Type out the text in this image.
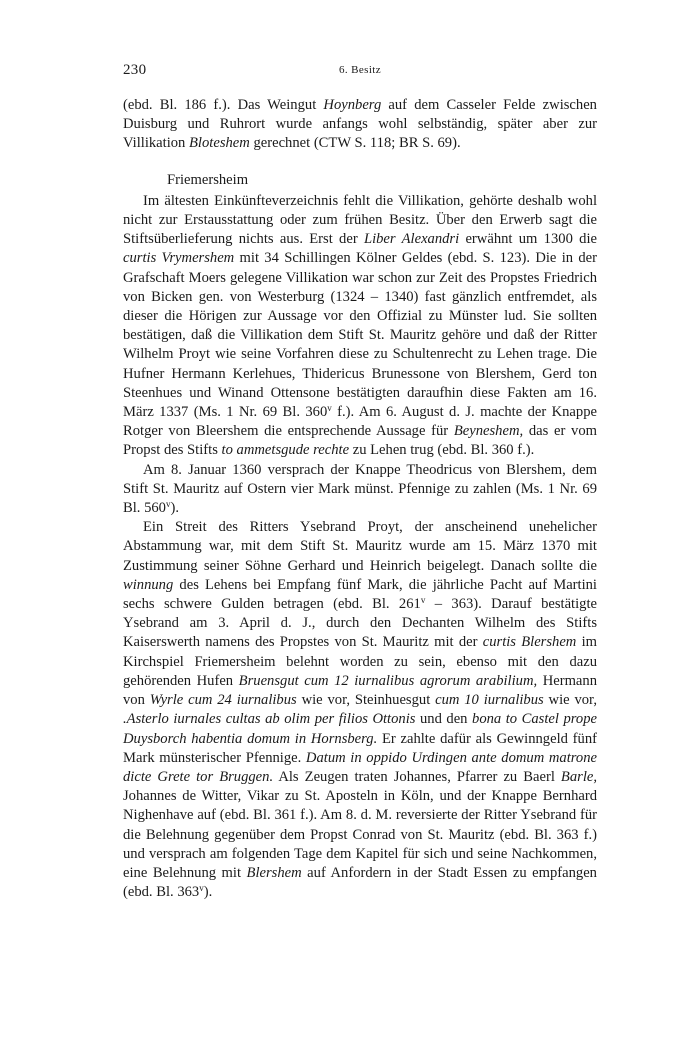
230	6. Besitz

(ebd. Bl. 186 f.). Das Weingut Hoynberg auf dem Casseler Felde zwischen Duisburg und Ruhrort wurde anfangs wohl selbständig, später aber zur Villikation Bloteshem gerechnet (CTW S. 118; BR S. 69).

Friemersheim

Im ältesten Einkünfteverzeichnis fehlt die Villikation, gehörte deshalb wohl nicht zur Erstausstattung oder zum frühen Besitz. Über den Erwerb sagt die Stiftsüberlieferung nichts aus. Erst der Liber Alexandri erwähnt um 1300 die curtis Vrymershem mit 34 Schillingen Kölner Geldes (ebd. S. 123). Die in der Grafschaft Moers gelegene Villikation war schon zur Zeit des Propstes Friedrich von Bicken gen. von Westerburg (1324 – 1340) fast gänzlich entfremdet, als dieser die Hörigen zur Aussage vor den Offizial zu Münster lud. Sie sollten bestätigen, daß die Villikation dem Stift St. Mauritz gehöre und daß der Ritter Wilhelm Proyt wie seine Vorfahren diese zu Schultenrecht zu Lehen trage. Die Hufner Hermann Kerlehues, Thidericus Brunessone von Blershem, Gerd ton Steenhues und Winand Ottensone bestätigten daraufhin diese Fakten am 16. März 1337 (Ms. 1 Nr. 69 Bl. 360$^v$ f.). Am 6. August d. J. machte der Knappe Rotger von Bleershem die entsprechende Aussage für Beyneshem, das er vom Propst des Stifts to ammetsgude rechte zu Lehen trug (ebd. Bl. 360 f.).

Am 8. Januar 1360 versprach der Knappe Theodricus von Blershem, dem Stift St. Mauritz auf Ostern vier Mark münst. Pfennige zu zahlen (Ms. 1 Nr. 69 Bl. 560$^v$).

Ein Streit des Ritters Ysebrand Proyt, der anscheinend unehelicher Abstammung war, mit dem Stift St. Mauritz wurde am 15. März 1370 mit Zustimmung seiner Söhne Gerhard und Heinrich beigelegt. Danach sollte die winnung des Lehens bei Empfang fünf Mark, die jährliche Pacht auf Martini sechs schwere Gulden betragen (ebd. Bl. 261$^v$ – 363). Darauf bestätigte Ysebrand am 3. April d. J., durch den Dechanten Wilhelm des Stifts Kaiserswerth namens des Propstes von St. Mauritz mit der curtis Blershem im Kirchspiel Friemersheim belehnt worden zu sein, ebenso mit den dazu gehörenden Hufen Bruensgut cum 12 iurnalibus agrorum arabilium, Hermann von Wyrle cum 24 iurnalibus wie vor, Steinhuesgut cum 10 iurnalibus wie vor, .Asterlo iurnales cultas ab olim per filios Ottonis und den bona to Castel prope Duysborch habentia domum in Hornsberg. Er zahlte dafür als Gewinngeld fünf Mark münsterischer Pfennige. Datum in oppido Urdingen ante domum matrone dicte Grete tor Bruggen. Als Zeugen traten Johannes, Pfarrer zu Baerl Barle, Johannes de Witter, Vikar zu St. Aposteln in Köln, und der Knappe Bernhard Nighenhave auf (ebd. Bl. 361 f.). Am 8. d. M. reversierte der Ritter Ysebrand für die Belehnung gegenüber dem Propst Conrad von St. Mauritz (ebd. Bl. 363 f.) und versprach am folgenden Tage dem Kapitel für sich und seine Nachkommen, eine Belehnung mit Blershem auf Anfordern in der Stadt Essen zu empfangen (ebd. Bl. 363$^v$).
